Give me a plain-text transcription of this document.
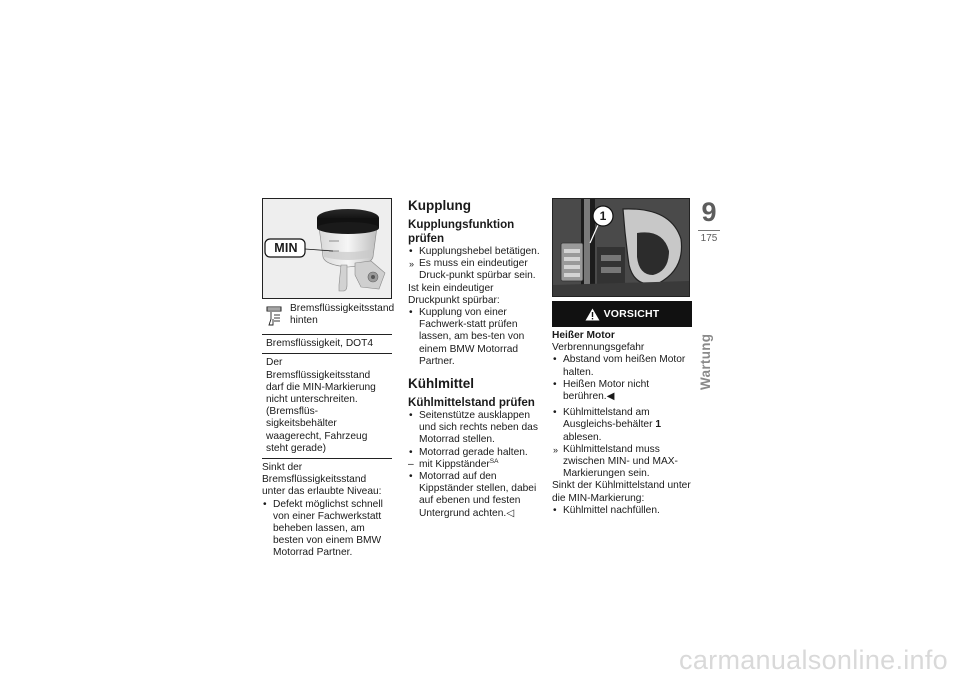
MIN
Bremsflüssigkeitsstand hinten
Bremsflüssigkeit, DOT4
Der Bremsflüssigkeitsstand darf die MIN-Markierung nicht unterschreiten. (Bremsflüs-sigkeitsbehälter waagerecht, Fahrzeug steht gerade)

Sinkt der Bremsflüssigkeitsstand unter das erlaubte Niveau:

• Defekt möglichst schnell von einer Fachwerkstatt beheben lassen, am besten von einem BMW Motorrad Partner.
Kupplung
Kupplungsfunktion prüfen
• Kupplungshebel betätigen.
» Es muss ein eindeutiger Druck-punkt spürbar sein.

Ist kein eindeutiger Druckpunkt spürbar:

• Kupplung von einer Fachwerk-statt prüfen lassen, am bes-ten von einem BMW Motorrad Partner.
Kühlmittel
Kühlmittelstand prüfen
• Seitenstütze ausklappen und sich rechts neben das Motorrad stellen.
• Motorrad gerade halten.
– mit Kippständer$^{SA}$
• Motorrad auf den Kippständer stellen, dabei auf ebenen und festen Untergrund achten.◁
1
VORSICHT

Heißer Motor

Verbrennungsgefahr

• Abstand vom heißen Motor halten.
• Heißen Motor nicht berühren.◀
• Kühlmittelstand am Ausgleichs-behälter 1 ablesen.
» Kühlmittelstand muss zwischen MIN- und MAX-Markierungen sein.

Sinkt der Kühlmittelstand unter die MIN-Markierung:

• Kühlmittel nachfüllen.
9
175
Wartung
carmanualsonline.info
